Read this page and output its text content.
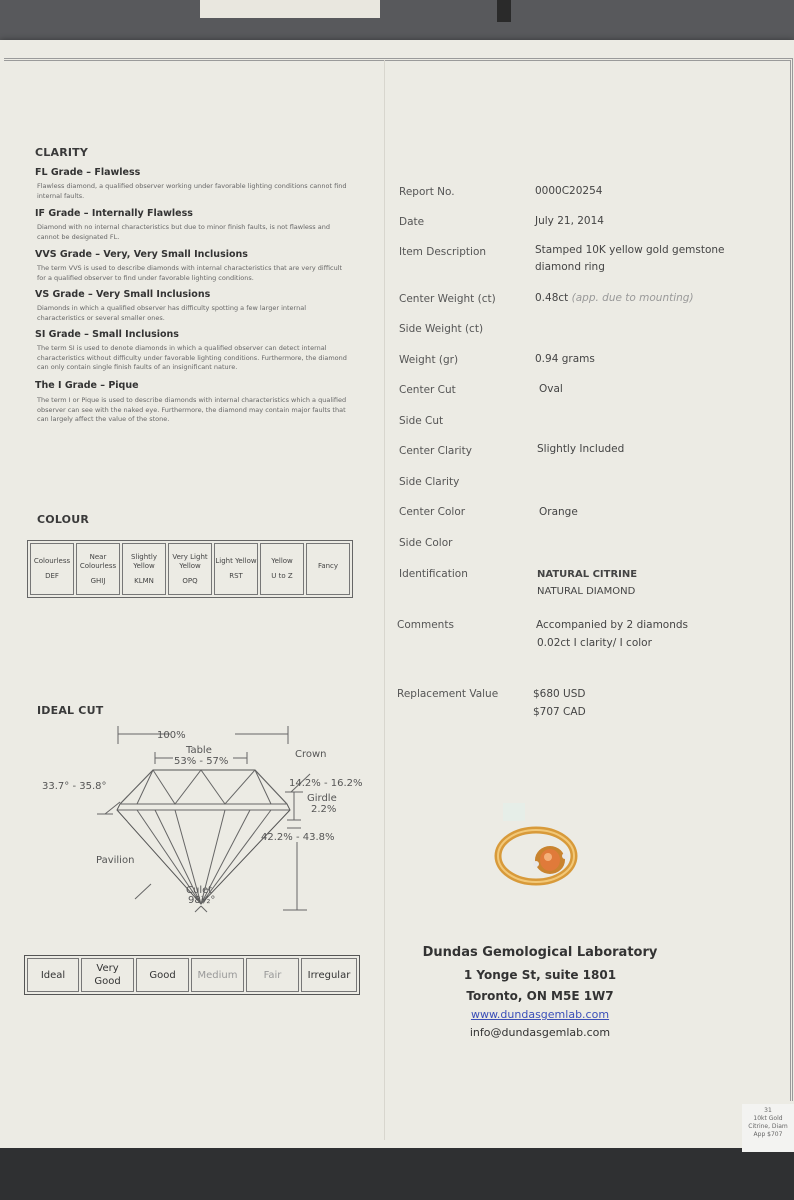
CLARITY
FL Grade – Flawless
Flawless diamond, a qualified observer working under favorable lighting conditions cannot find internal faults.
IF Grade – Internally Flawless
Diamond with no internal characteristics but due to minor finish faults, is not flawless and cannot be designated FL.
VVS Grade – Very, Very Small Inclusions
The term VVS is used to describe diamonds with internal characteristics that are very difficult for a qualified observer to find under favorable lighting conditions.
VS Grade – Very Small Inclusions
Diamonds in which a qualified observer has difficulty spotting a few larger internal characteristics or several smaller ones.
SI Grade – Small Inclusions
The term SI is used to denote diamonds in which a qualified observer can detect internal characteristics without difficulty under favorable lighting conditions. Furthermore, the diamond can only contain single finish faults of an insignificant nature.
The I Grade – Pique
The term I or Pique is used to describe diamonds with internal characteristics which a qualified observer can see with the naked eye. Furthermore, the diamond may contain major faults that can largely affect the value of the stone.
COLOUR
Colourless
DEF

Near Colourless
GHIJ

Slightly Yellow
KLMN

Very Light Yellow
OPQ

Light Yellow
RST

Yellow
U to Z

Fancy
IDEAL CUT
100%
Table
53% - 57%
Crown
33.7° - 35.8°	14.2% - 16.2%
Girdle
2.2%
42.2% - 43.8%
Pavilion
Culet
98½°
Ideal	Very Good	Good	Medium	Fair	Irregular
Report No.	0000C20254
Date	July 21, 2014
Item Description	Stamped 10K yellow gold gemstone diamond ring
Center Weight (ct)	0.48ct (app. due to mounting)
Side Weight (ct)
Weight (gr)	0.94 grams
Center Cut	Oval
Side Cut
Center Clarity	Slightly Included
Side Clarity
Center Color	Orange
Side Color
Identification	NATURAL CITRINE
NATURAL DIAMOND
Comments	Accompanied by 2 diamonds
0.02ct I clarity/ I color
Replacement Value	$680 USD
$707 CAD
Dundas Gemological Laboratory
1 Yonge St, suite 1801
Toronto, ON M5E 1W7
www.dundasgemlab.com
info@dundasgemlab.com
31
10kt Gold
Citrine, Diam
App $707
